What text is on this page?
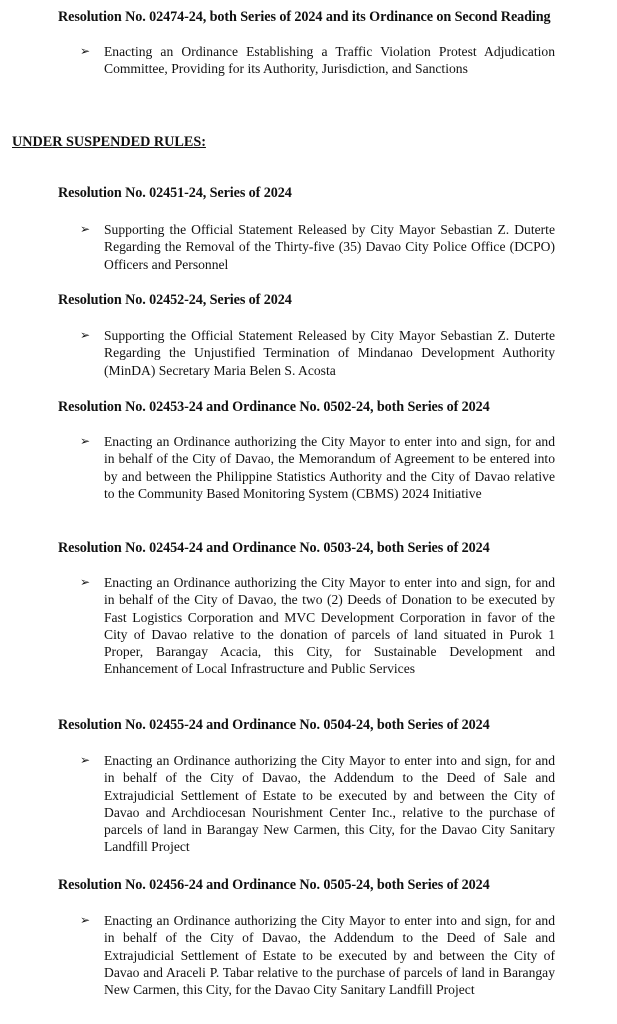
Resolution No. 02474-24, both Series of 2024 and its Ordinance on Second Reading
➢ Enacting an Ordinance Establishing a Traffic Violation Protest Adjudication Committee, Providing for its Authority, Jurisdiction, and Sanctions
UNDER SUSPENDED RULES:
Resolution No. 02451-24, Series of 2024
➢ Supporting the Official Statement Released by City Mayor Sebastian Z. Duterte Regarding the Removal of the Thirty-five (35) Davao City Police Office (DCPO) Officers and Personnel
Resolution No. 02452-24, Series of 2024
➢ Supporting the Official Statement Released by City Mayor Sebastian Z. Duterte Regarding the Unjustified Termination of Mindanao Development Authority (MinDA) Secretary Maria Belen S. Acosta
Resolution No. 02453-24 and Ordinance No. 0502-24, both Series of 2024
➢ Enacting an Ordinance authorizing the City Mayor to enter into and sign, for and in behalf of the City of Davao, the Memorandum of Agreement to be entered into by and between the Philippine Statistics Authority and the City of Davao relative to the Community Based Monitoring System (CBMS) 2024 Initiative
Resolution No. 02454-24 and Ordinance No. 0503-24, both Series of 2024
➢ Enacting an Ordinance authorizing the City Mayor to enter into and sign, for and in behalf of the City of Davao, the two (2) Deeds of Donation to be executed by Fast Logistics Corporation and MVC Development Corporation in favor of the City of Davao relative to the donation of parcels of land situated in Purok 1 Proper, Barangay Acacia, this City, for Sustainable Development and Enhancement of Local Infrastructure and Public Services
Resolution No. 02455-24 and Ordinance No. 0504-24, both Series of 2024
➢ Enacting an Ordinance authorizing the City Mayor to enter into and sign, for and in behalf of the City of Davao, the Addendum to the Deed of Sale and Extrajudicial Settlement of Estate to be executed by and between the City of Davao and Archdiocesan Nourishment Center Inc., relative to the purchase of parcels of land in Barangay New Carmen, this City, for the Davao City Sanitary Landfill Project
Resolution No. 02456-24 and Ordinance No. 0505-24, both Series of 2024
➢ Enacting an Ordinance authorizing the City Mayor to enter into and sign, for and in behalf of the City of Davao, the Addendum to the Deed of Sale and Extrajudicial Settlement of Estate to be executed by and between the City of Davao and Araceli P. Tabar relative to the purchase of parcels of land in Barangay New Carmen, this City, for the Davao City Sanitary Landfill Project
